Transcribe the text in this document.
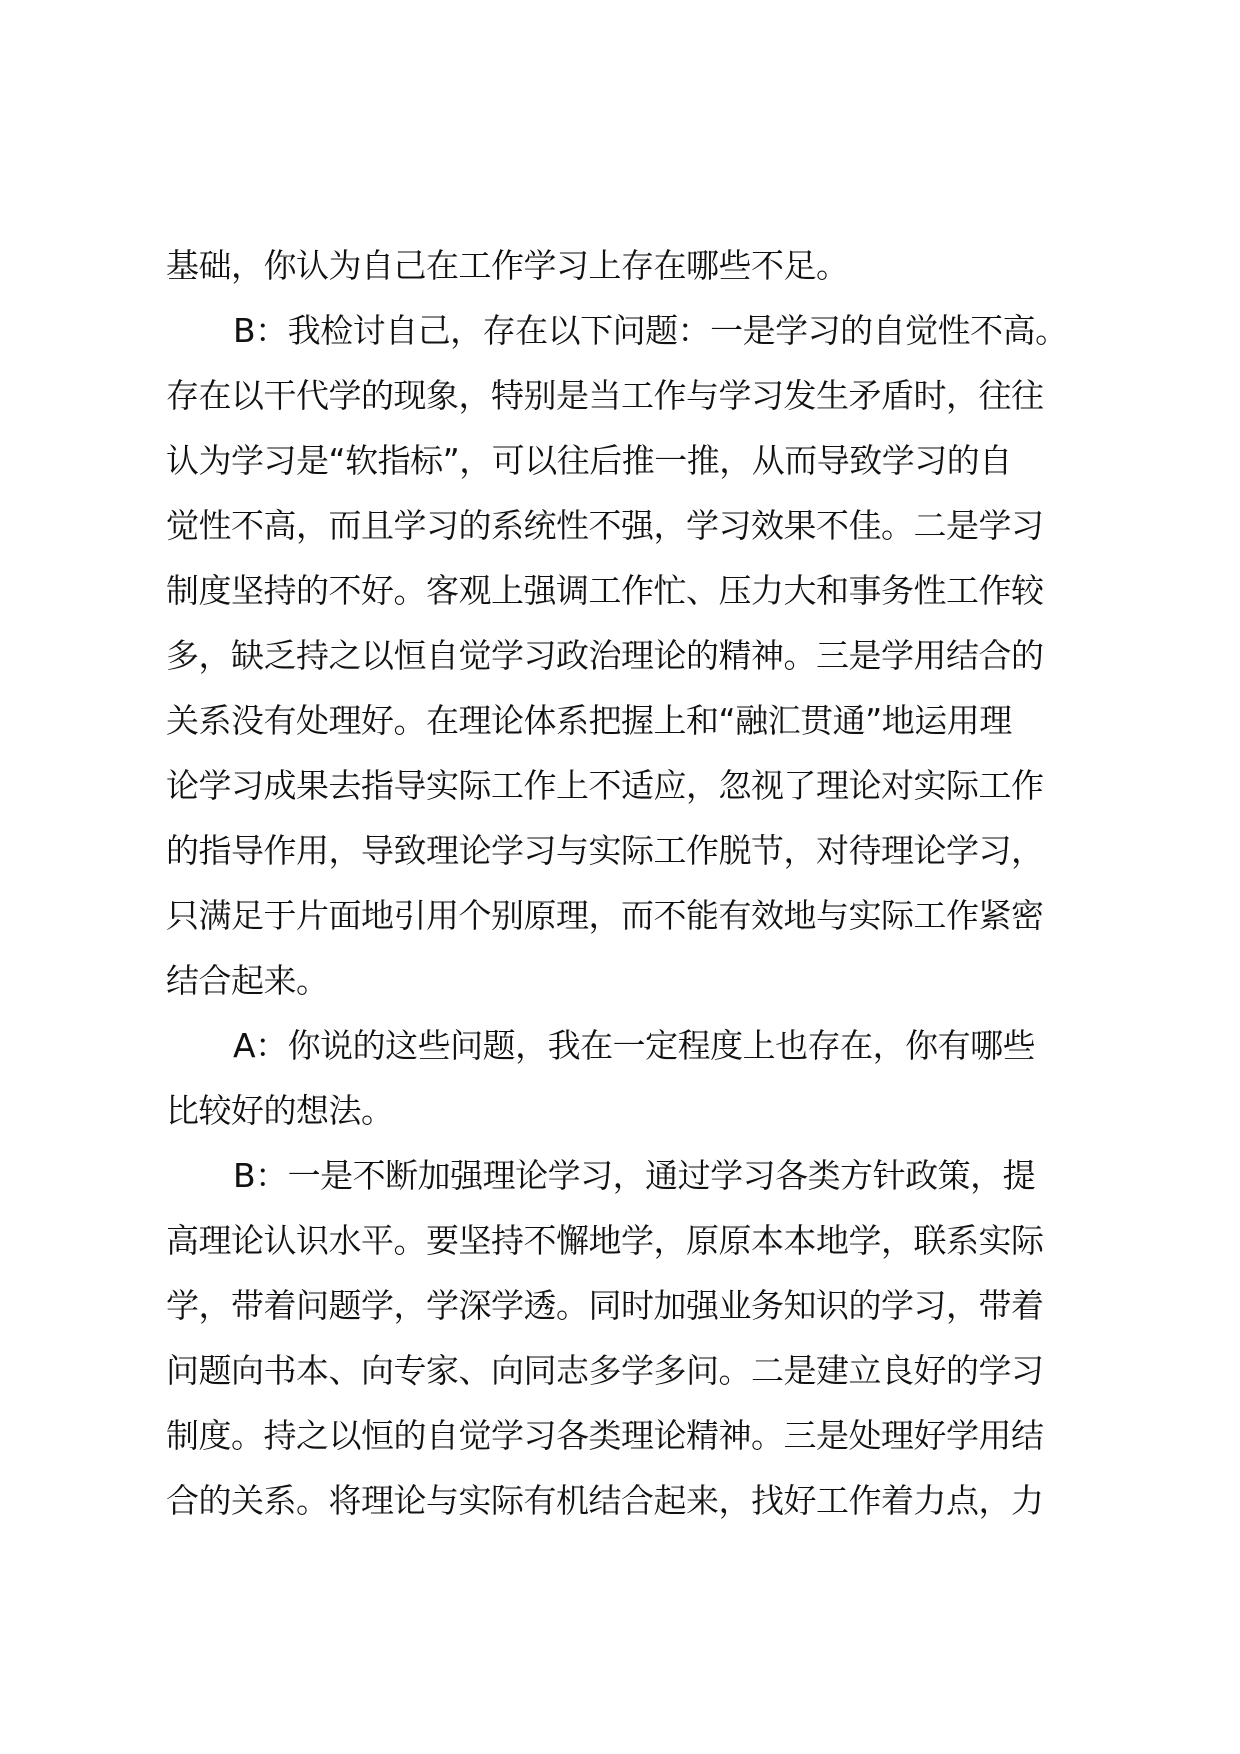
基础，你认为自己在工作学习上存在哪些不足。
B：我检讨自己，存在以下问题：一是学习的自觉性不高。
存在以干代学的现象，特别是当工作与学习发生矛盾时，往往
认为学习是“软指标”，可以往后推一推，从而导致学习的自
觉性不高，而且学习的系统性不强，学习效果不佳。二是学习
制度坚持的不好。客观上强调工作忙、压力大和事务性工作较
多，缺乏持之以恒自觉学习政治理论的精神。三是学用结合的
关系没有处理好。在理论体系把握上和“融汇贯通”地运用理
论学习成果去指导实际工作上不适应，忽视了理论对实际工作
的指导作用，导致理论学习与实际工作脱节，对待理论学习，
只满足于片面地引用个别原理，而不能有效地与实际工作紧密
结合起来。
A：你说的这些问题，我在一定程度上也存在，你有哪些
比较好的想法。
B：一是不断加强理论学习，通过学习各类方针政策，提
高理论认识水平。要坚持不懈地学，原原本本地学，联系实际
学，带着问题学，学深学透。同时加强业务知识的学习，带着
问题向书本、向专家、向同志多学多问。二是建立良好的学习
制度。持之以恒的自觉学习各类理论精神。三是处理好学用结
合的关系。将理论与实际有机结合起来，找好工作着力点，力
